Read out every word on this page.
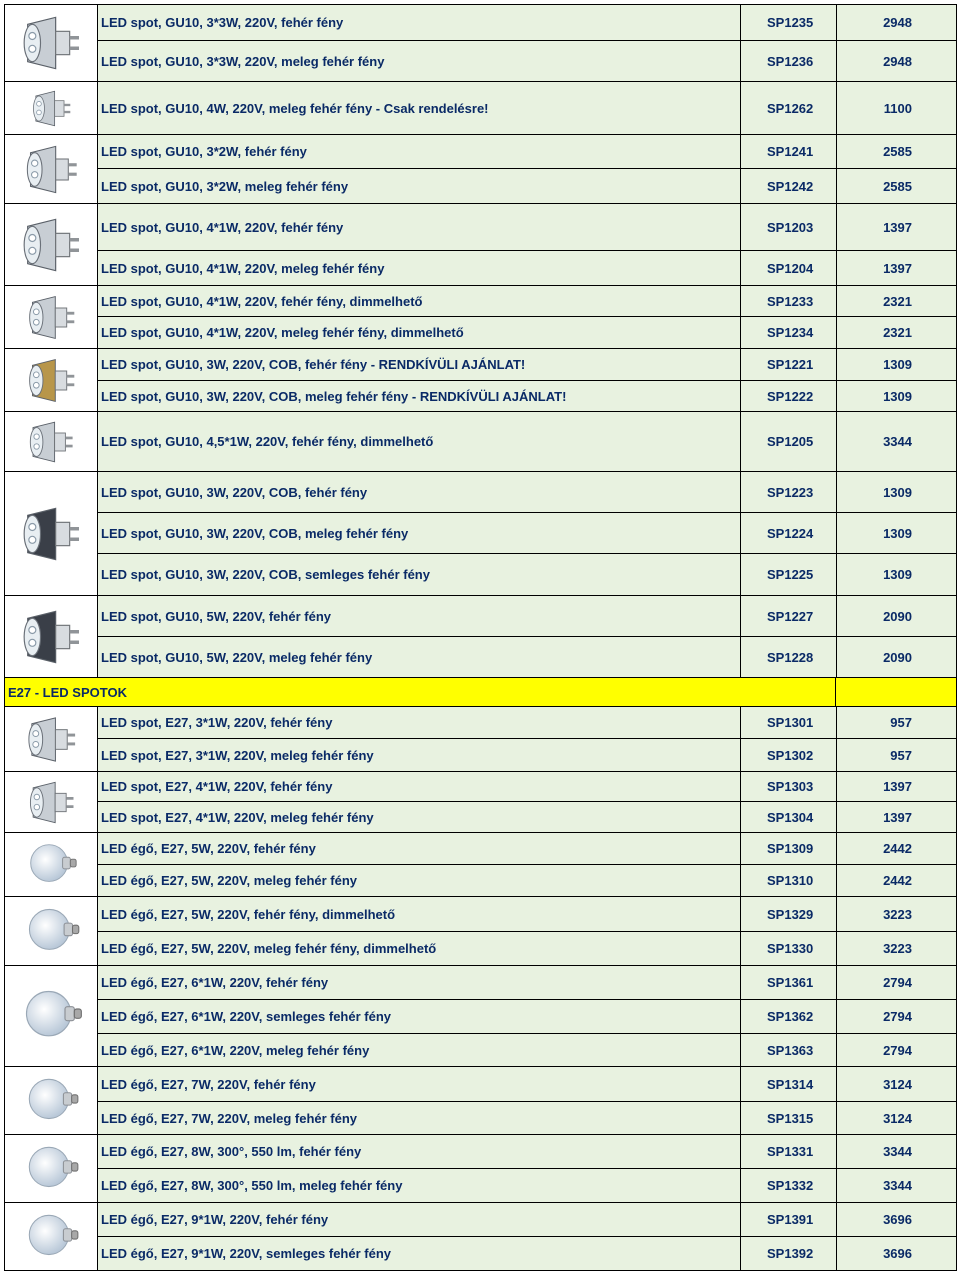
LED spot, GU10, 3*3W, 220V, fehér fény	SP1235	2948
LED spot, GU10, 3*3W, 220V, meleg fehér fény	SP1236	2948
LED spot, GU10, 4W, 220V, meleg fehér fény - Csak rendelésre!	SP1262	1100
LED spot, GU10, 3*2W, fehér fény	SP1241	2585
LED spot, GU10, 3*2W, meleg fehér fény	SP1242	2585
LED spot, GU10, 4*1W, 220V, fehér fény	SP1203	1397
LED spot, GU10, 4*1W, 220V, meleg fehér fény	SP1204	1397
LED spot, GU10, 4*1W, 220V, fehér fény, dimmelhető	SP1233	2321
LED spot, GU10, 4*1W, 220V, meleg fehér fény, dimmelhető	SP1234	2321
LED spot, GU10, 3W, 220V, COB, fehér fény - RENDKÍVÜLI AJÁNLAT!	SP1221	1309
LED spot, GU10, 3W, 220V, COB, meleg fehér fény - RENDKÍVÜLI AJÁNLAT!	SP1222	1309
LED spot, GU10, 4,5*1W, 220V, fehér fény, dimmelhető	SP1205	3344
LED spot, GU10, 3W, 220V, COB, fehér fény	SP1223	1309
LED spot, GU10, 3W, 220V, COB, meleg fehér fény	SP1224	1309
LED spot, GU10, 3W, 220V, COB, semleges fehér fény	SP1225	1309
LED spot, GU10, 5W, 220V, fehér fény	SP1227	2090
LED spot, GU10, 5W, 220V, meleg fehér fény	SP1228	2090
LED spot, E27, 3*1W, 220V, fehér fény	SP1301	957
LED spot, E27, 3*1W, 220V, meleg fehér fény	SP1302	957
LED spot, E27, 4*1W, 220V, fehér fény	SP1303	1397
LED spot, E27, 4*1W, 220V, meleg fehér fény	SP1304	1397
LED égő, E27, 5W, 220V, fehér fény	SP1309	2442
LED égő, E27, 5W, 220V, meleg fehér fény	SP1310	2442
LED égő, E27, 5W, 220V, fehér fény, dimmelhető	SP1329	3223
LED égő, E27, 5W, 220V, meleg fehér fény, dimmelhető	SP1330	3223
LED égő, E27, 6*1W, 220V, fehér fény	SP1361	2794
LED égő, E27, 6*1W, 220V, semleges fehér fény	SP1362	2794
LED égő, E27, 6*1W, 220V, meleg fehér fény	SP1363	2794
LED égő, E27, 7W, 220V, fehér fény	SP1314	3124
LED égő, E27, 7W, 220V, meleg fehér fény	SP1315	3124
LED égő, E27, 8W, 300°, 550 lm, fehér fény	SP1331	3344
LED égő, E27, 8W, 300°, 550 lm, meleg fehér fény	SP1332	3344
LED égő, E27, 9*1W, 220V, fehér fény	SP1391	3696
LED égő, E27, 9*1W, 220V, semleges fehér fény	SP1392	3696
E27 - LED SPOTOK
